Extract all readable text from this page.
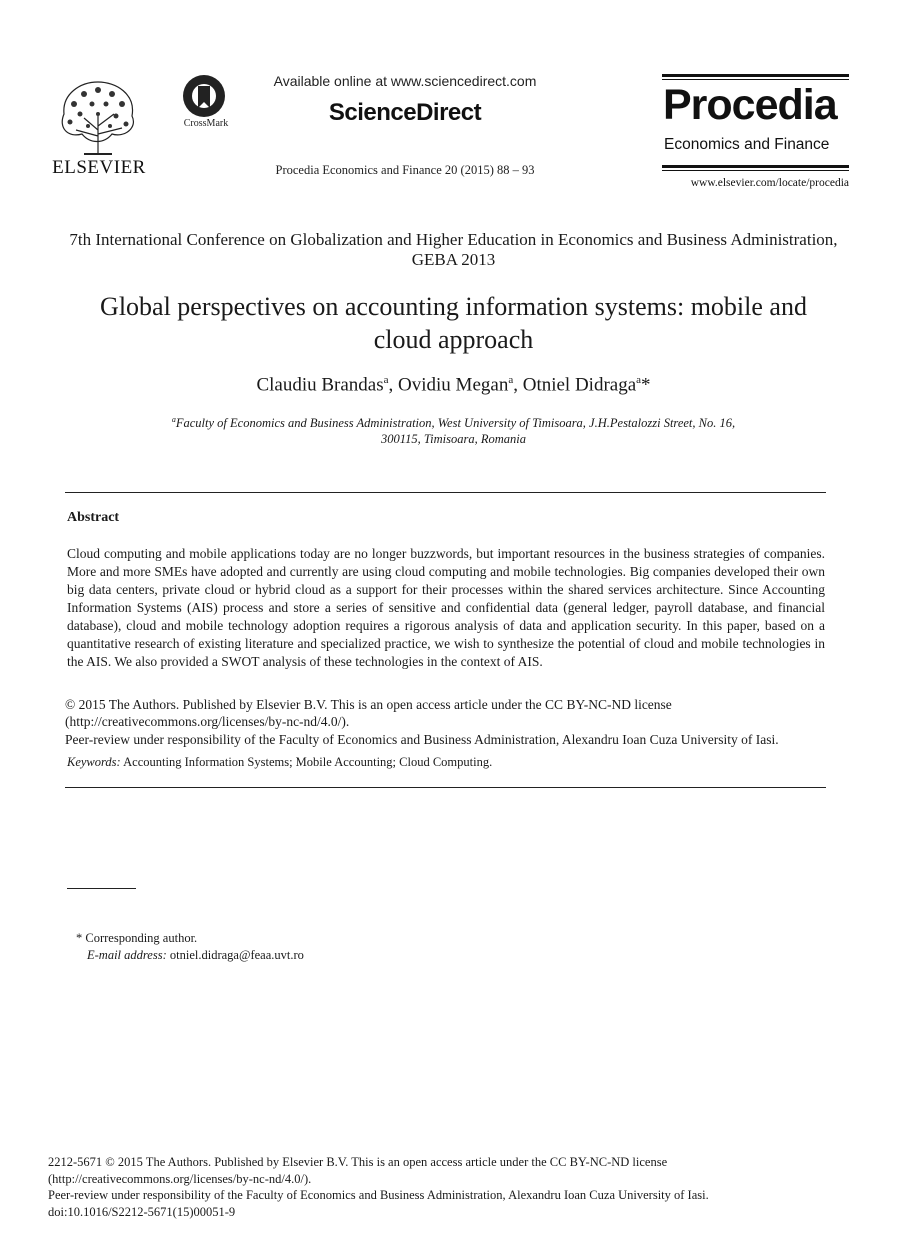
ELSEVIER
CrossMark
Available online at www.sciencedirect.com
ScienceDirect
Procedia Economics and Finance 20 (2015) 88 – 93
Procedia
Economics and Finance
www.elsevier.com/locate/procedia
7th International Conference on Globalization and Higher Education in Economics and Business Administration, GEBA 2013
Global perspectives on accounting information systems: mobile and
cloud approach
Claudiu Brandas$^a$, Ovidiu Megan$^a$, Otniel Didraga$^a$*
$^a$Faculty of Economics and Business Administration, West University of Timisoara, J.H.Pestalozzi Street, No. 16,
300115, Timisoara, Romania
Abstract
Cloud computing and mobile applications today are no longer buzzwords, but important resources in the business strategies of companies. More and more SMEs have adopted and currently are using cloud computing and mobile technologies. Big companies developed their own big data centers, private cloud or hybrid cloud as a support for their processes within the shared services architecture. Since Accounting Information Systems (AIS) process and store a series of sensitive and confidential data (general ledger, payroll database, and financial database), cloud and mobile technology adoption requires a rigorous analysis of data and application security. In this paper, based on a quantitative research of existing literature and specialized practice, we wish to synthesize the potential of cloud and mobile technologies in the AIS. We also provided a SWOT analysis of these technologies in the context of AIS.
© 2015 The Authors. Published by Elsevier B.V. This is an open access article under the CC BY-NC-ND license
(http://creativecommons.org/licenses/by-nc-nd/4.0/).
Peer-review under responsibility of the Faculty of Economics and Business Administration, Alexandru Ioan Cuza University of Iasi.
Keywords: Accounting Information Systems; Mobile Accounting; Cloud Computing.
* Corresponding author.
E-mail address: otniel.didraga@feaa.uvt.ro
2212-5671 © 2015 The Authors. Published by Elsevier B.V. This is an open access article under the CC BY-NC-ND license
(http://creativecommons.org/licenses/by-nc-nd/4.0/).
Peer-review under responsibility of the Faculty of Economics and Business Administration, Alexandru Ioan Cuza University of Iasi.
doi:10.1016/S2212-5671(15)00051-9
